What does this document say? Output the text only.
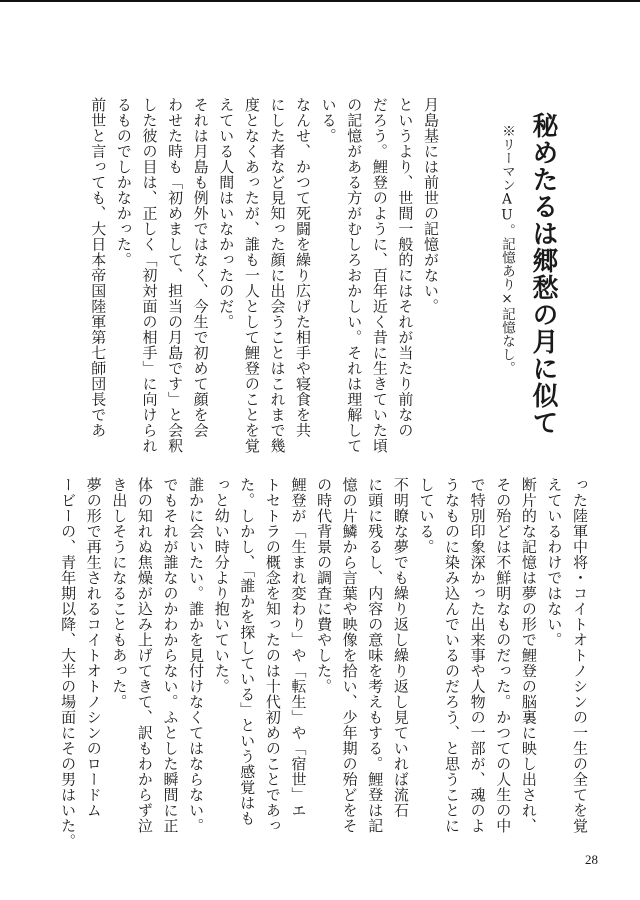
秘めたるは郷愁の月に似て
※リーマンAU。記憶あり×記憶なし。
月島基には前世の記憶がない。
というより、世間一般的にはそれが当たり前なの
だろう。鯉登のように、百年近く昔に生きていた頃
の記憶がある方がむしろおかしい。それは理解して
いる。
なんせ、かつて死闘を繰り広げた相手や寝食を共
にした者など見知った顔に出会うことはこれまで幾
度となくあったが、誰も一人として鯉登のことを覚
えている人間はいなかったのだ。
それは月島も例外ではなく、今生で初めて顔を会
わせた時も「初めまして、担当の月島です」と会釈
した彼の目は、正しく「初対面の相手」に向けられ
るものでしかなかった。
前世と言っても、大日本帝国陸軍第七師団長であ
った陸軍中将・コイトオトノシンの一生の全てを覚
えているわけではない。
断片的な記憶は夢の形で鯉登の脳裏に映し出され、
その殆どは不鮮明なものだった。かつての人生の中
で特別印象深かった出来事や人物の一部が、魂のよ
うなものに染み込んでいるのだろう、と思うことに
している。
不明瞭な夢でも繰り返し繰り返し見ていれば流石
に頭に残るし、内容の意味を考えもする。鯉登は記
憶の片鱗から言葉や映像を拾い、少年期の殆どをそ
の時代背景の調査に費やした。
鯉登が「生まれ変わり」や「転生」や「宿世」エ
トセトラの概念を知ったのは十代初めのことであっ
た。しかし、「誰かを探している」という感覚はも
っと幼い時分より抱いていた。
誰かに会いたい。誰かを見付けなくてはならない。
でもそれが誰なのかわからない。ふとした瞬間に正
体の知れぬ焦燥が込み上げてきて、訳もわからず泣
き出しそうになることもあった。
夢の形で再生されるコイトオトノシンのロードム
ービーの、青年期以降、大半の場面にその男はいた。
28
